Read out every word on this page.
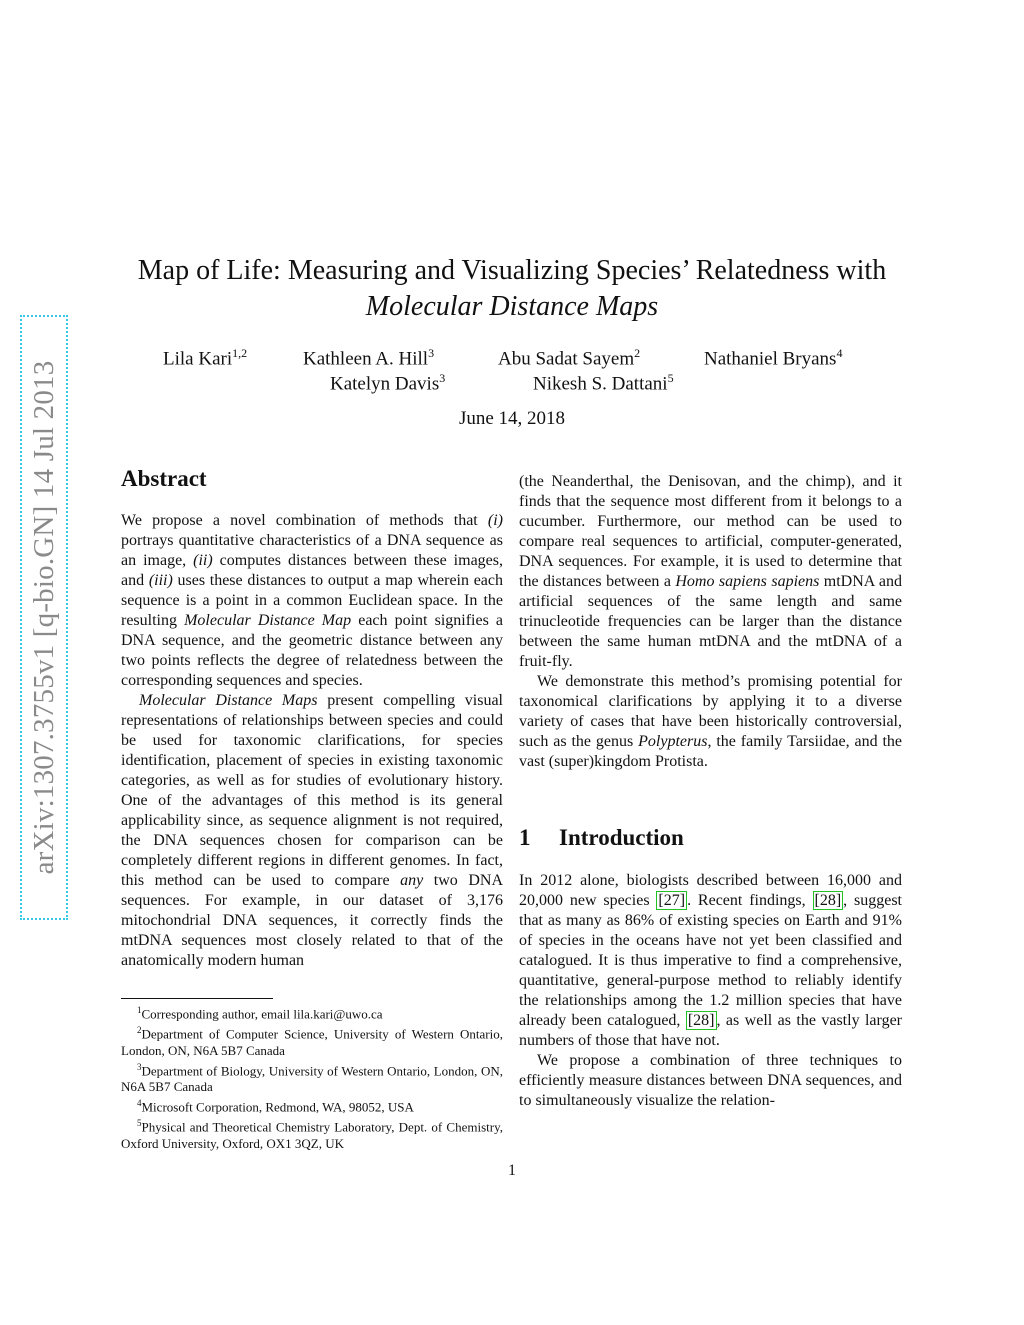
arXiv:1307.3755v1 [q-bio.GN] 14 Jul 2013
Map of Life: Measuring and Visualizing Species’ Relatedness with
Molecular Distance Maps
Lila Kari$^{1,2}$	Kathleen A. Hill$^3$	Abu Sadat Sayem$^2$	Nathaniel Bryans$^4$
Katelyn Davis$^3$	Nikesh S. Dattani$^5$
June 14, 2018
Abstract

We propose a novel combination of methods that (i) portrays quantitative characteristics of a DNA sequence as an image, (ii) computes distances between these images, and (iii) uses these distances to output a map wherein each sequence is a point in a common Euclidean space. In the resulting Molecular Distance Map each point signifies a DNA sequence, and the geometric distance between any two points reflects the degree of relatedness between the corresponding sequences and species.

Molecular Distance Maps present compelling visual representations of relationships between species and could be used for taxonomic clarifications, for species identification, placement of species in existing taxonomic categories, as well as for studies of evolutionary history. One of the advantages of this method is its general applicability since, as sequence alignment is not required, the DNA sequences chosen for comparison can be completely different regions in different genomes. In fact, this method can be used to compare any two DNA sequences. For example, in our dataset of 3,176 mitochondrial DNA sequences, it correctly finds the mtDNA sequences most closely related to that of the anatomically modern human

$^1$Corresponding author, email lila.kari@uwo.ca

$^2$Department of Computer Science, University of Western Ontario, London, ON, N6A 5B7 Canada

$^3$Department of Biology, University of Western Ontario, London, ON, N6A 5B7 Canada

$^4$Microsoft Corporation, Redmond, WA, 98052, USA

$^5$Physical and Theoretical Chemistry Laboratory, Dept. of Chemistry, Oxford University, Oxford, OX1 3QZ, UK

(the Neanderthal, the Denisovan, and the chimp), and it finds that the sequence most different from it belongs to a cucumber. Furthermore, our method can be used to compare real sequences to artificial, computer-generated, DNA sequences. For example, it is used to determine that the distances between a Homo sapiens sapiens mtDNA and artificial sequences of the same length and same trinucleotide frequencies can be larger than the distance between the same human mtDNA and the mtDNA of a fruit-fly.

We demonstrate this method’s promising potential for taxonomical clarifications by applying it to a diverse variety of cases that have been historically controversial, such as the genus Polypterus, the family Tarsiidae, and the vast (super)kingdom Protista.

1 Introduction

In 2012 alone, biologists described between 16,000 and 20,000 new species [27] . Recent findings, [28] , suggest that as many as 86% of existing species on Earth and 91% of species in the oceans have not yet been classified and catalogued. It is thus imperative to find a comprehensive, quantitative, general-purpose method to reliably identify the relationships among the 1.2 million species that have already been catalogued, [28] , as well as the vastly larger numbers of those that have not.

We propose a combination of three techniques to efficiently measure distances between DNA sequences, and to simultaneously visualize the relation-

1
